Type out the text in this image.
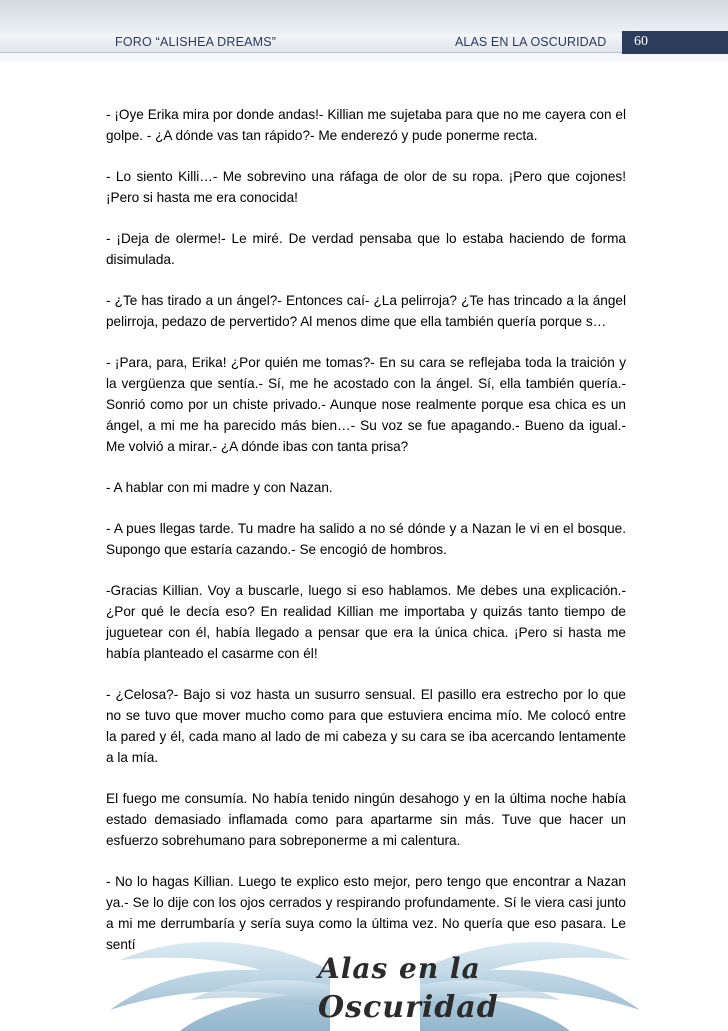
FORO “ALISHEA DREAMS”	ALAS EN LA OSCURIDAD 60

- ¡Oye Erika mira por donde andas!- Killian me sujetaba para que no me cayera con el golpe. - ¿A dónde vas tan rápido?- Me enderezó y pude ponerme recta.

- Lo siento Killi…- Me sobrevino una ráfaga de olor de su ropa. ¡Pero que cojones! ¡Pero si hasta me era conocida!

- ¡Deja de olerme!- Le miré. De verdad pensaba que lo estaba haciendo de forma disimulada.

- ¿Te has tirado a un ángel?- Entonces caí- ¿La pelirroja? ¿Te has trincado a la ángel pelirroja, pedazo de pervertido? Al menos dime que ella también quería porque s…

- ¡Para, para, Erika! ¿Por quién me tomas?- En su cara se reflejaba toda la traición y la vergüenza que sentía.- Sí, me he acostado con la ángel. Sí, ella también quería.- Sonrió como por un chiste privado.- Aunque nose realmente porque esa chica es un ángel, a mi me ha parecido más bien…- Su voz se fue apagando.- Bueno da igual.- Me volvió a mirar.- ¿A dónde ibas con tanta prisa?

- A hablar con mi madre y con Nazan.

- A pues llegas tarde. Tu madre ha salido a no sé dónde y a Nazan le vi en el bosque. Supongo que estaría cazando.- Se encogió de hombros.

-Gracias Killian. Voy a buscarle, luego si eso hablamos. Me debes una explicación.- ¿Por qué le decía eso? En realidad Killian me importaba y quizás tanto tiempo de juguetear con él, había llegado a pensar que era la única chica. ¡Pero si hasta me había planteado el casarme con él!

- ¿Celosa?- Bajo si voz hasta un susurro sensual. El pasillo era estrecho por lo que no se tuvo que mover mucho como para que estuviera encima mío. Me colocó entre la pared y él, cada mano al lado de mi cabeza y su cara se iba acercando lentamente a la mía.

El fuego me consumía. No había tenido ningún desahogo y en la última noche había estado demasiado inflamada como para apartarme sin más. Tuve que hacer un esfuerzo sobrehumano para sobreponerme a mi calentura.

- No lo hagas Killian. Luego te explico esto mejor, pero tengo que encontrar a Nazan ya.- Se lo dije con los ojos cerrados y respirando profundamente. Sí le viera casi junto a mi me derrumbaría y sería suya como la última vez. No quería que eso pasara. Le sentí

Alas en la
Oscuridad
